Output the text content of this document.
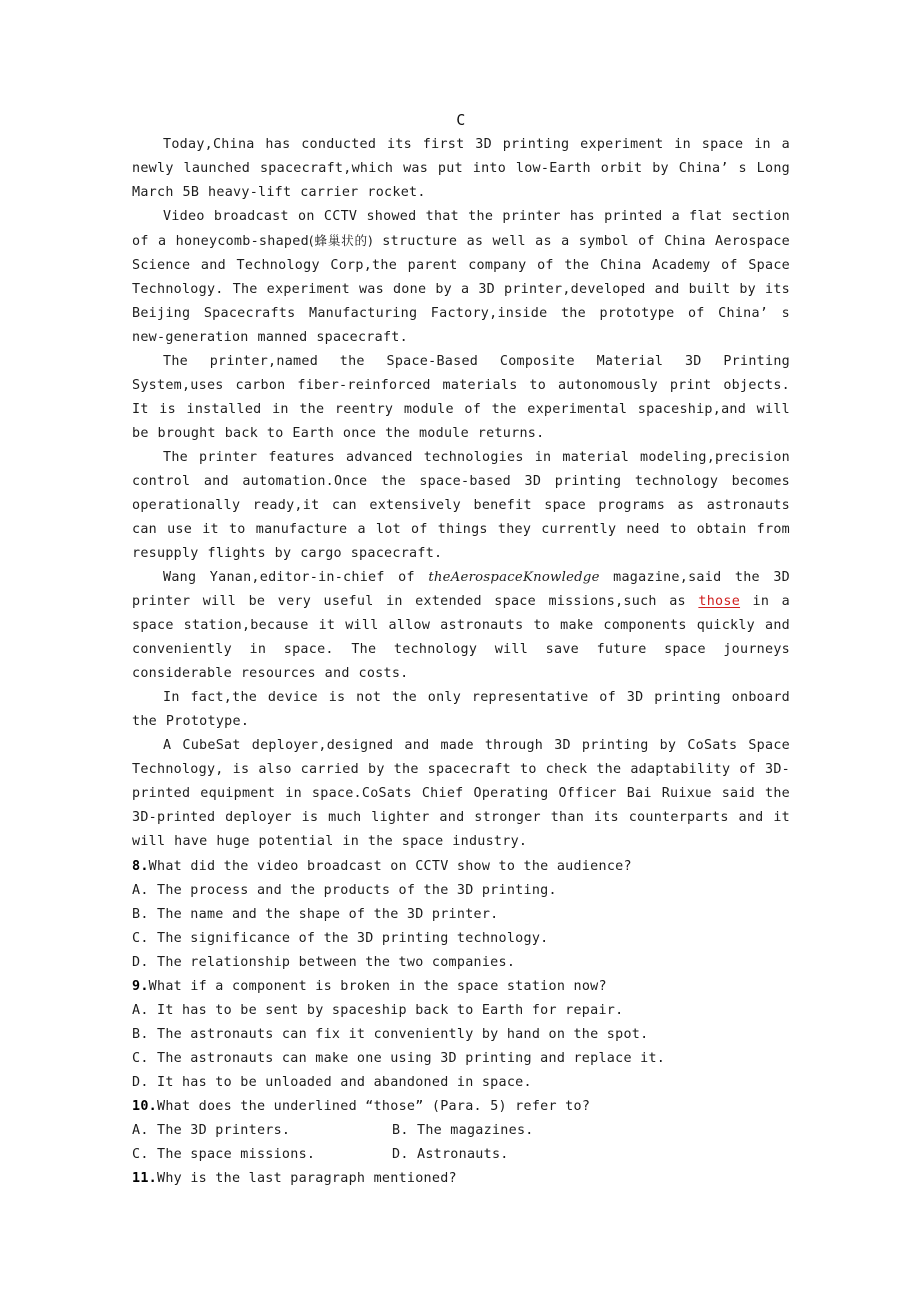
C

Today,China has conducted its first 3D printing experiment in space in a newly launched spacecraft,which was put into low-Earth orbit by China’ s Long March 5B heavy-lift carrier rocket.

Video broadcast on CCTV showed that the printer has printed a flat section of a honeycomb-shaped(蜂巢状的) structure as well as a symbol of China Aerospace Science and Technology Corp,the parent company of the China Academy of Space Technology. The experiment was done by a 3D printer,developed and built by its Beijing Spacecrafts Manufacturing Factory,inside the prototype of China’ s new-generation manned spacecraft.

The printer,named the Space-Based Composite Material 3D Printing System,uses carbon fiber-reinforced materials to autonomously print objects. It is installed in the reentry module of the experimental spaceship,and will be brought back to Earth once the module returns.

The printer features advanced technologies in material modeling,precision control and automation.Once the space-based 3D printing technology becomes operationally ready,it can extensively benefit space programs as astronauts can use it to manufacture a lot of things they currently need to obtain from resupply flights by cargo spacecraft.

Wang Yanan,editor-in-chief of theAerospaceKnowledge magazine,said the 3D printer will be very useful in extended space missions,such as those in a space station,because it will allow astronauts to make components quickly and conveniently in space. The technology will save future space journeys considerable resources and costs.

In fact,the device is not the only representative of 3D printing onboard the Prototype.

A CubeSat deployer,designed and made through 3D printing by CoSats Space Technology, is also carried by the spacecraft to check the adaptability of 3D-printed equipment in space.CoSats Chief Operating Officer Bai Ruixue said the 3D-printed deployer is much lighter and stronger than its counterparts and it will have huge potential in the space industry.

8.What did the video broadcast on CCTV show to the audience?
A. The process and the products of the 3D printing.
B. The name and the shape of the 3D printer.
C. The significance of the 3D printing technology.
D. The relationship between the two companies.
9.What if a component is broken in the space station now?
A. It has to be sent by spaceship back to Earth for repair.
B. The astronauts can fix it conveniently by hand on the spot.
C. The astronauts can make one using 3D printing and replace it.
D. It has to be unloaded and abandoned in space.
10.What does the underlined “those” (Para. 5) refer to?
A. The 3D printers.	B. The magazines.
C. The space missions.	D. Astronauts.
11.Why is the last paragraph mentioned?
